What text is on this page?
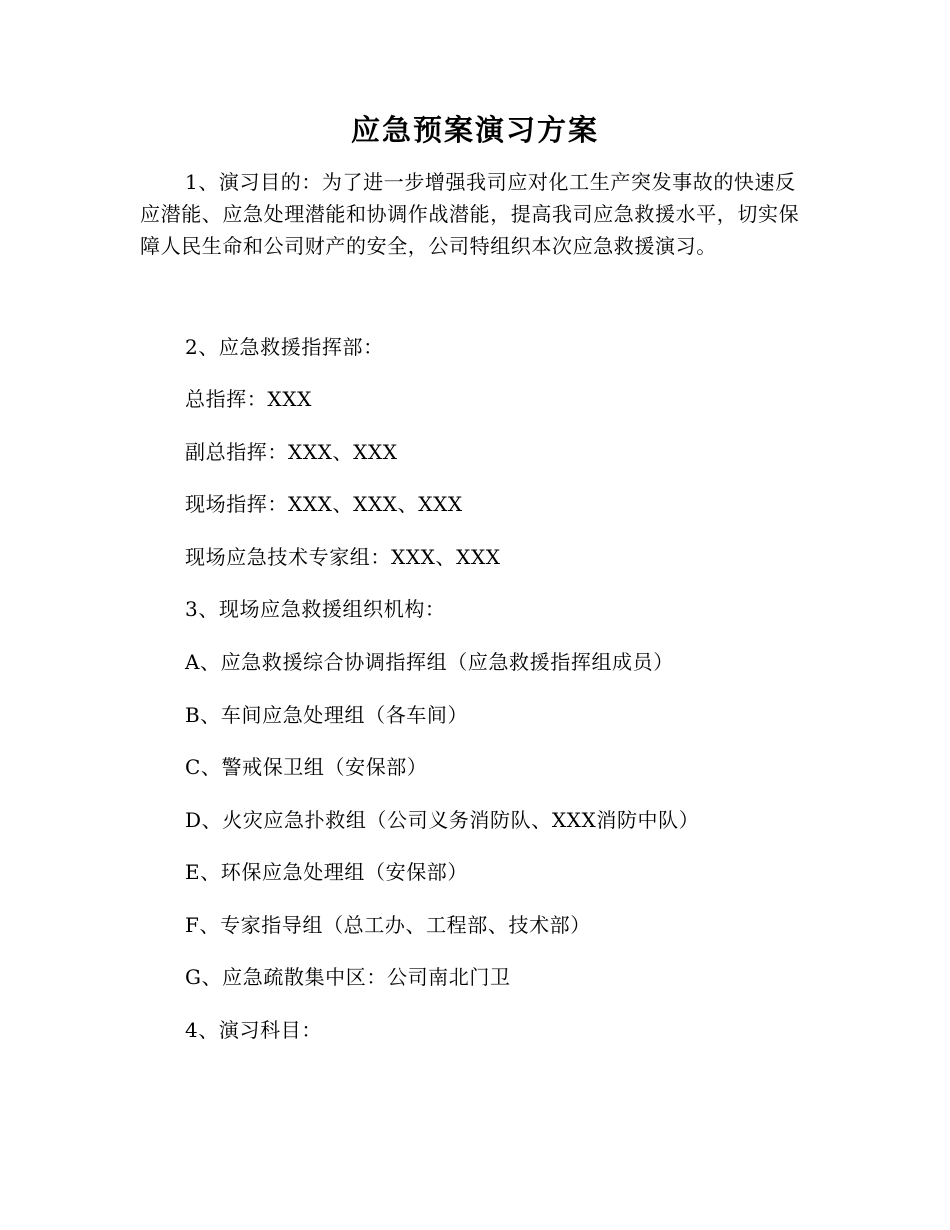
应急预案演习方案

1、演习目的：为了进一步增强我司应对化工生产突发事故的快速反应潜能、应急处理潜能和协调作战潜能，提高我司应急救援水平，切实保障人民生命和公司财产的安全，公司特组织本次应急救援演习。

2、应急救援指挥部：

总指挥：XXX

副总指挥：XXX、XXX

现场指挥：XXX、XXX、XXX

现场应急技术专家组：XXX、XXX

3、现场应急救援组织机构：

A、应急救援综合协调指挥组（应急救援指挥组成员）

B、车间应急处理组（各车间）

C、警戒保卫组（安保部）

D、火灾应急扑救组（公司义务消防队、XXX消防中队）

E、环保应急处理组（安保部）

F、专家指导组（总工办、工程部、技术部）

G、应急疏散集中区：公司南北门卫

4、演习科目：
